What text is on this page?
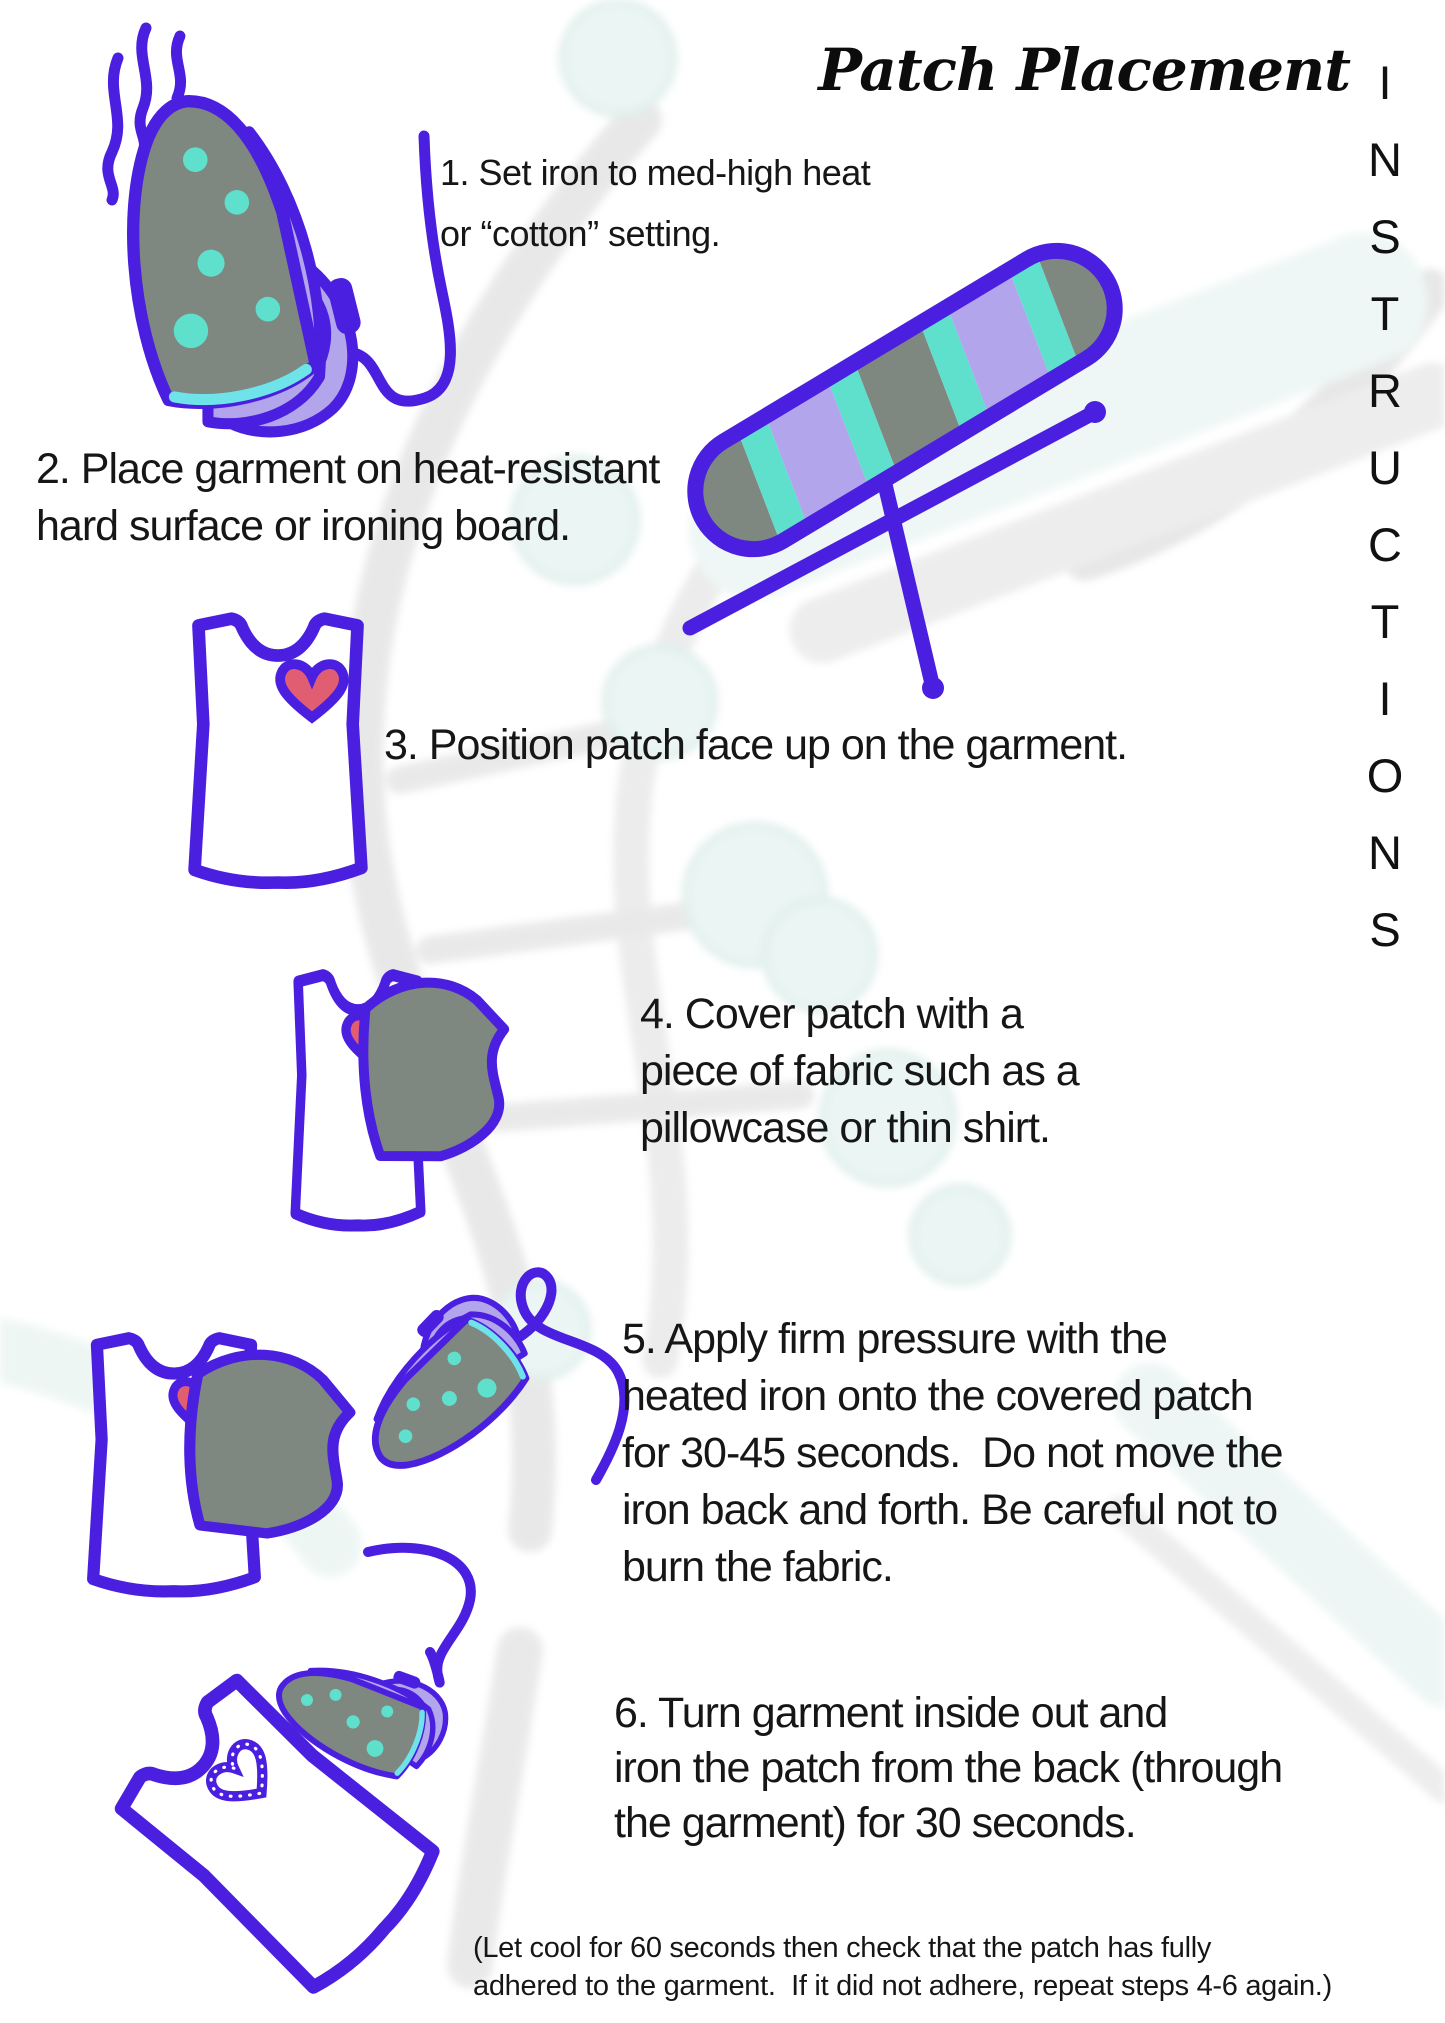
Patch Placement I
N
S
T
R
U
C
T
I
O
N
S
1. Set iron to med-high heat
or “cotton” setting.
2. Place garment on heat-resistant
hard surface or ironing board.
3. Position patch face up on the garment.
4. Cover patch with a
piece of fabric such as a
pillowcase or thin shirt.
5. Apply firm pressure with the
heated iron onto the covered patch
for 30-45 seconds.  Do not move the
iron back and forth. Be careful not to
burn the fabric.
6. Turn garment inside out and
iron the patch from the back (through
the garment) for 30 seconds.
(Let cool for 60 seconds then check that the patch has fully
adhered to the garment.  If it did not adhere, repeat steps 4-6 again.)
